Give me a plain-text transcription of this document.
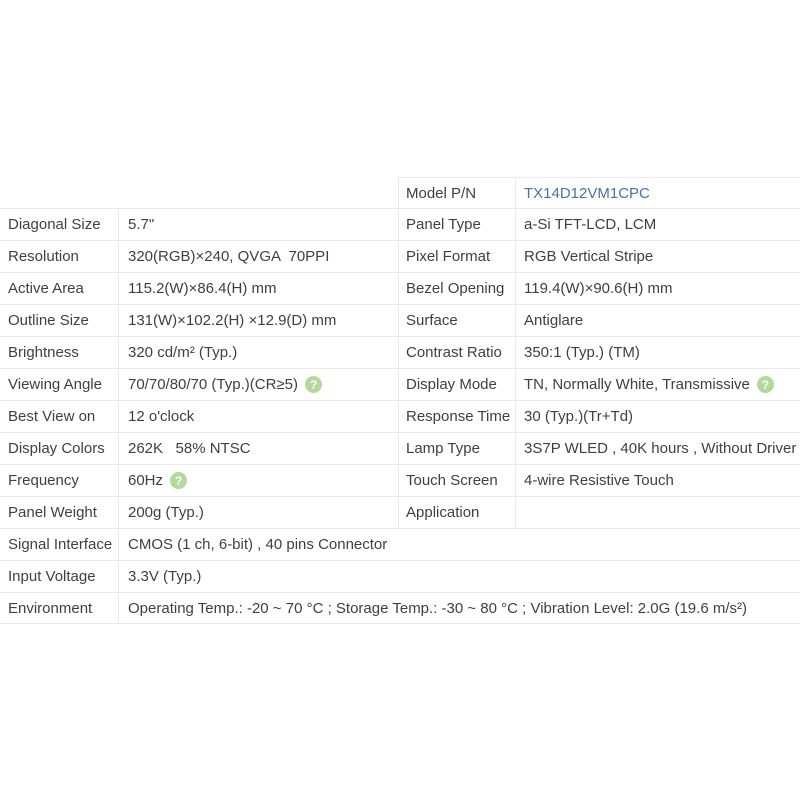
Model P/N	TX14D12VM1CPC
Diagonal Size	5.7"	Panel Type	a-Si TFT-LCD, LCM
Resolution	320(RGB)×240, QVGA  70PPI	Pixel Format	RGB Vertical Stripe
Active Area	115.2(W)×86.4(H) mm	Bezel Opening	119.4(W)×90.6(H) mm
Outline Size	131(W)×102.2(H) ×12.9(D) mm	Surface	Antiglare
Brightness	320 cd/m² (Typ.)	Contrast Ratio	350:1 (Typ.) (TM)
Viewing Angle	70/70/80/70 (Typ.)(CR≥5) ?	Display Mode	TN, Normally White, Transmissive ?
Best View on	12 o'clock	Response Time 30 (Typ.)(Tr+Td)
Display Colors	262K   58% NTSC	Lamp Type	3S7P WLED , 40K hours , Without Driver
Frequency	60Hz ?	Touch Screen	4-wire Resistive Touch
Panel Weight	200g (Typ.)	Application
Signal Interface	CMOS (1 ch, 6-bit) , 40 pins Connector
Input Voltage	3.3V (Typ.)
Environment	Operating Temp.: -20 ~ 70 °C ; Storage Temp.: -30 ~ 80 °C ; Vibration Level: 2.0G (19.6 m/s²)
